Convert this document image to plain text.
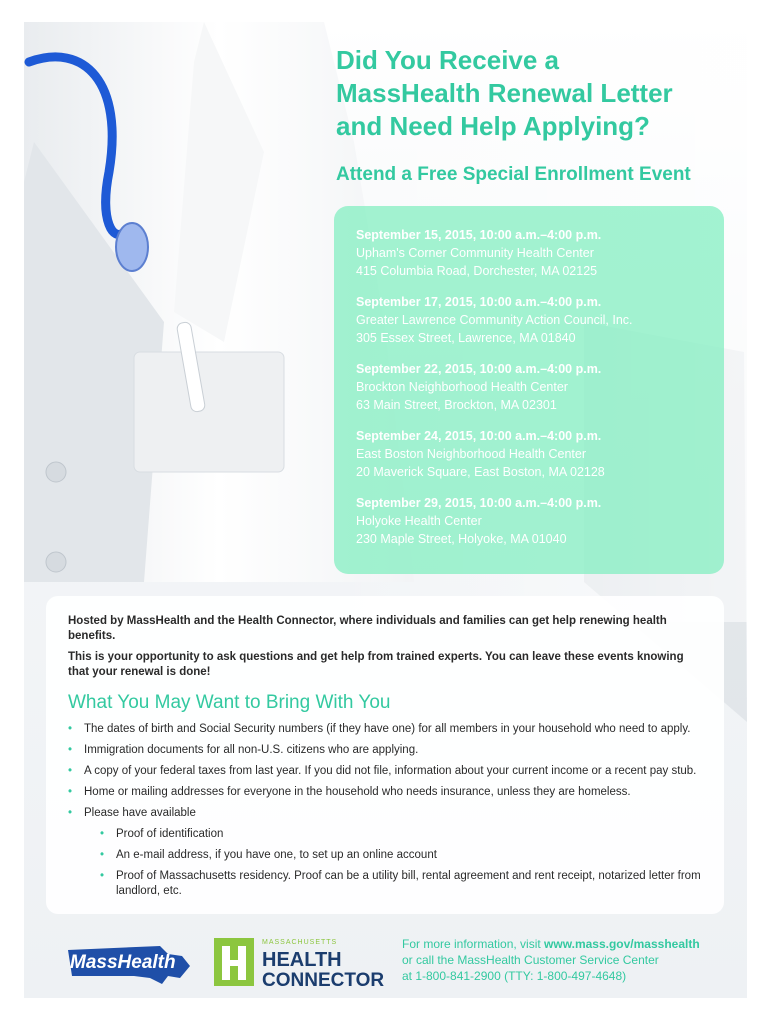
Did You Receive a
MassHealth Renewal Letter
and Need Help Applying?
Attend a Free Special Enrollment Event
September 15, 2015, 10:00 a.m.–4:00 p.m.
Upham's Corner Community Health Center
415 Columbia Road, Dorchester, MA 02125
September 17, 2015, 10:00 a.m.–4:00 p.m.
Greater Lawrence Community Action Council, Inc.
305 Essex Street, Lawrence, MA 01840
September 22, 2015, 10:00 a.m.–4:00 p.m.
Brockton Neighborhood Health Center
63 Main Street, Brockton, MA 02301
September 24, 2015, 10:00 a.m.–4:00 p.m.
East Boston Neighborhood Health Center
20 Maverick Square, East Boston, MA 02128
September 29, 2015, 10:00 a.m.–4:00 p.m.
Holyoke Health Center
230 Maple Street, Holyoke, MA 01040

Hosted by MassHealth and the Health Connector, where individuals and families can get help renewing health benefits.

This is your opportunity to ask questions and get help from trained experts. You can leave these events knowing that your renewal is done!

What You May Want to Bring With You
• The dates of birth and Social Security numbers (if they have one) for all members in your household who need to apply.
• Immigration documents for all non-U.S. citizens who are applying.
• A copy of your federal taxes from last year. If you did not file, information about your current income or a recent pay stub.
• Home or mailing addresses for everyone in the household who needs insurance, unless they are homeless.
• Please have available
• Proof of identification
• An e-mail address, if you have one, to set up an online account
• Proof of Massachusetts residency. Proof can be a utility bill, rental agreement and rent receipt, notarized letter from landlord, etc.
MassHealth
MASSACHUSETTS
HEALTH
CONNECTOR
For more information, visit www.mass.gov/masshealth
or call the MassHealth Customer Service Center
at 1-800-841-2900 (TTY: 1-800-497-4648)
